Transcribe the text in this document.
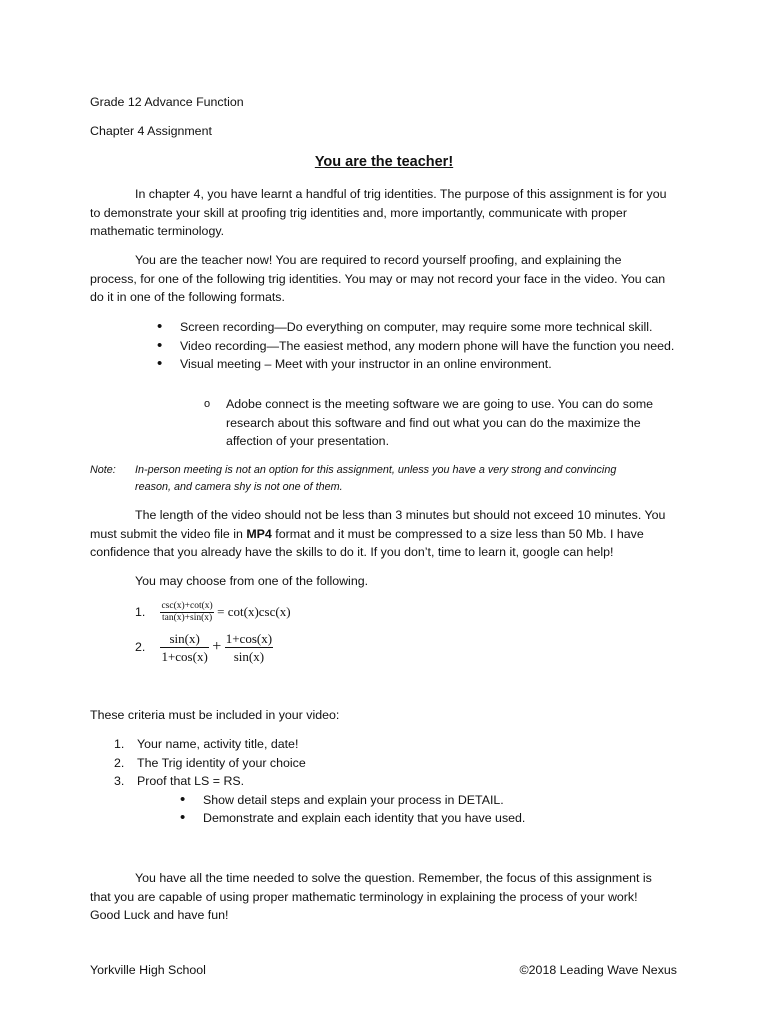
Grade 12 Advance Function
Chapter 4 Assignment
You are the teacher!
In chapter 4, you have learnt a handful of trig identities. The purpose of this assignment is for you to demonstrate your skill at proofing trig identities and, more importantly, communicate with proper mathematic terminology.
You are the teacher now! You are required to record yourself proofing, and explaining the process, for one of the following trig identities. You may or may not record your face in the video. You can do it in one of the following formats.
• Screen recording—Do everything on computer, may require some more technical skill.
• Video recording—The easiest method, any modern phone will have the function you need.
• Visual meeting – Meet with your instructor in an online environment.
o Adobe connect is the meeting software we are going to use. You can do some research about this software and find out what you can do the maximize the affection of your presentation.
Note: In-person meeting is not an option for this assignment, unless you have a very strong and convincing reason, and camera shy is not one of them.
The length of the video should not be less than 3 minutes but should not exceed 10 minutes. You must submit the video file in MP4 format and it must be compressed to a size less than 50 Mb. I have confidence that you already have the skills to do it. If you don’t, time to learn it, google can help!
You may choose from one of the following.
1. $\frac{\csc(x)+\cot(x)}{\tan(x)+\sin(x)} = \cot(x)\csc(x)$
2. $\frac{\sin(x)}{1+\cos(x)} + \frac{1+\cos(x)}{\sin(x)}$
These criteria must be included in your video:
1. Your name, activity title, date!
2. The Trig identity of your choice
3. Proof that LS = RS.
• Show detail steps and explain your process in DETAIL.
• Demonstrate and explain each identity that you have used.
You have all the time needed to solve the question. Remember, the focus of this assignment is that you are capable of using proper mathematic terminology in explaining the process of your work! Good Luck and have fun!
Yorkville High School	©2018 Leading Wave Nexus
